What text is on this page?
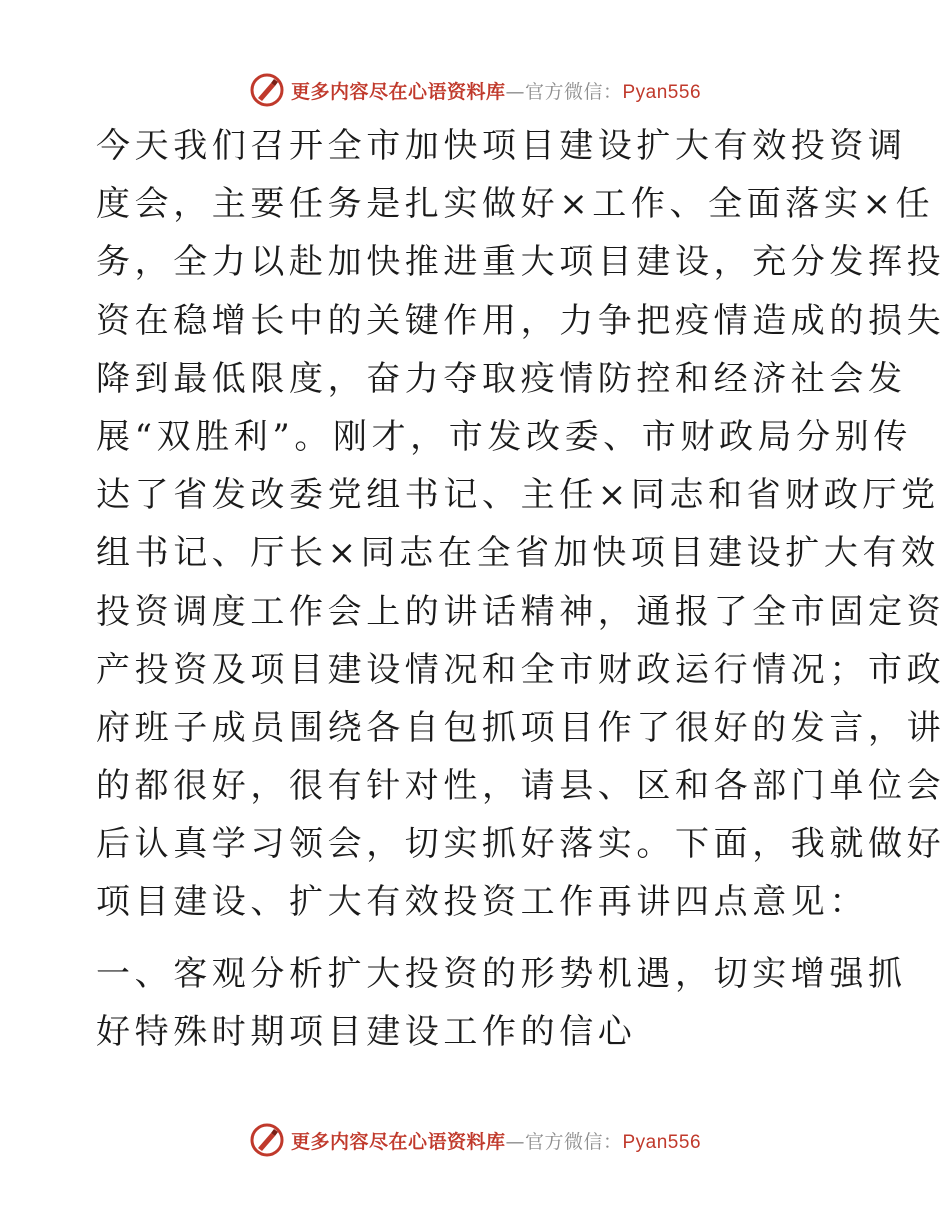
更多内容尽在心语资料库—官方微信：Pyan556
今天我们召开全市加快项目建设扩大有效投资调
度会，主要任务是扎实做好×工作、全面落实×任
务，全力以赴加快推进重大项目建设，充分发挥投
资在稳增长中的关键作用，力争把疫情造成的损失
降到最低限度，奋力夺取疫情防控和经济社会发
展“双胜利”。刚才，市发改委、市财政局分别传
达了省发改委党组书记、主任×同志和省财政厅党
组书记、厅长×同志在全省加快项目建设扩大有效
投资调度工作会上的讲话精神，通报了全市固定资
产投资及项目建设情况和全市财政运行情况；市政
府班子成员围绕各自包抓项目作了很好的发言，讲
的都很好，很有针对性，请县、区和各部门单位会
后认真学习领会，切实抓好落实。下面，我就做好
项目建设、扩大有效投资工作再讲四点意见：
一、客观分析扩大投资的形势机遇，切实增强抓
好特殊时期项目建设工作的信心
更多内容尽在心语资料库—官方微信：Pyan556
